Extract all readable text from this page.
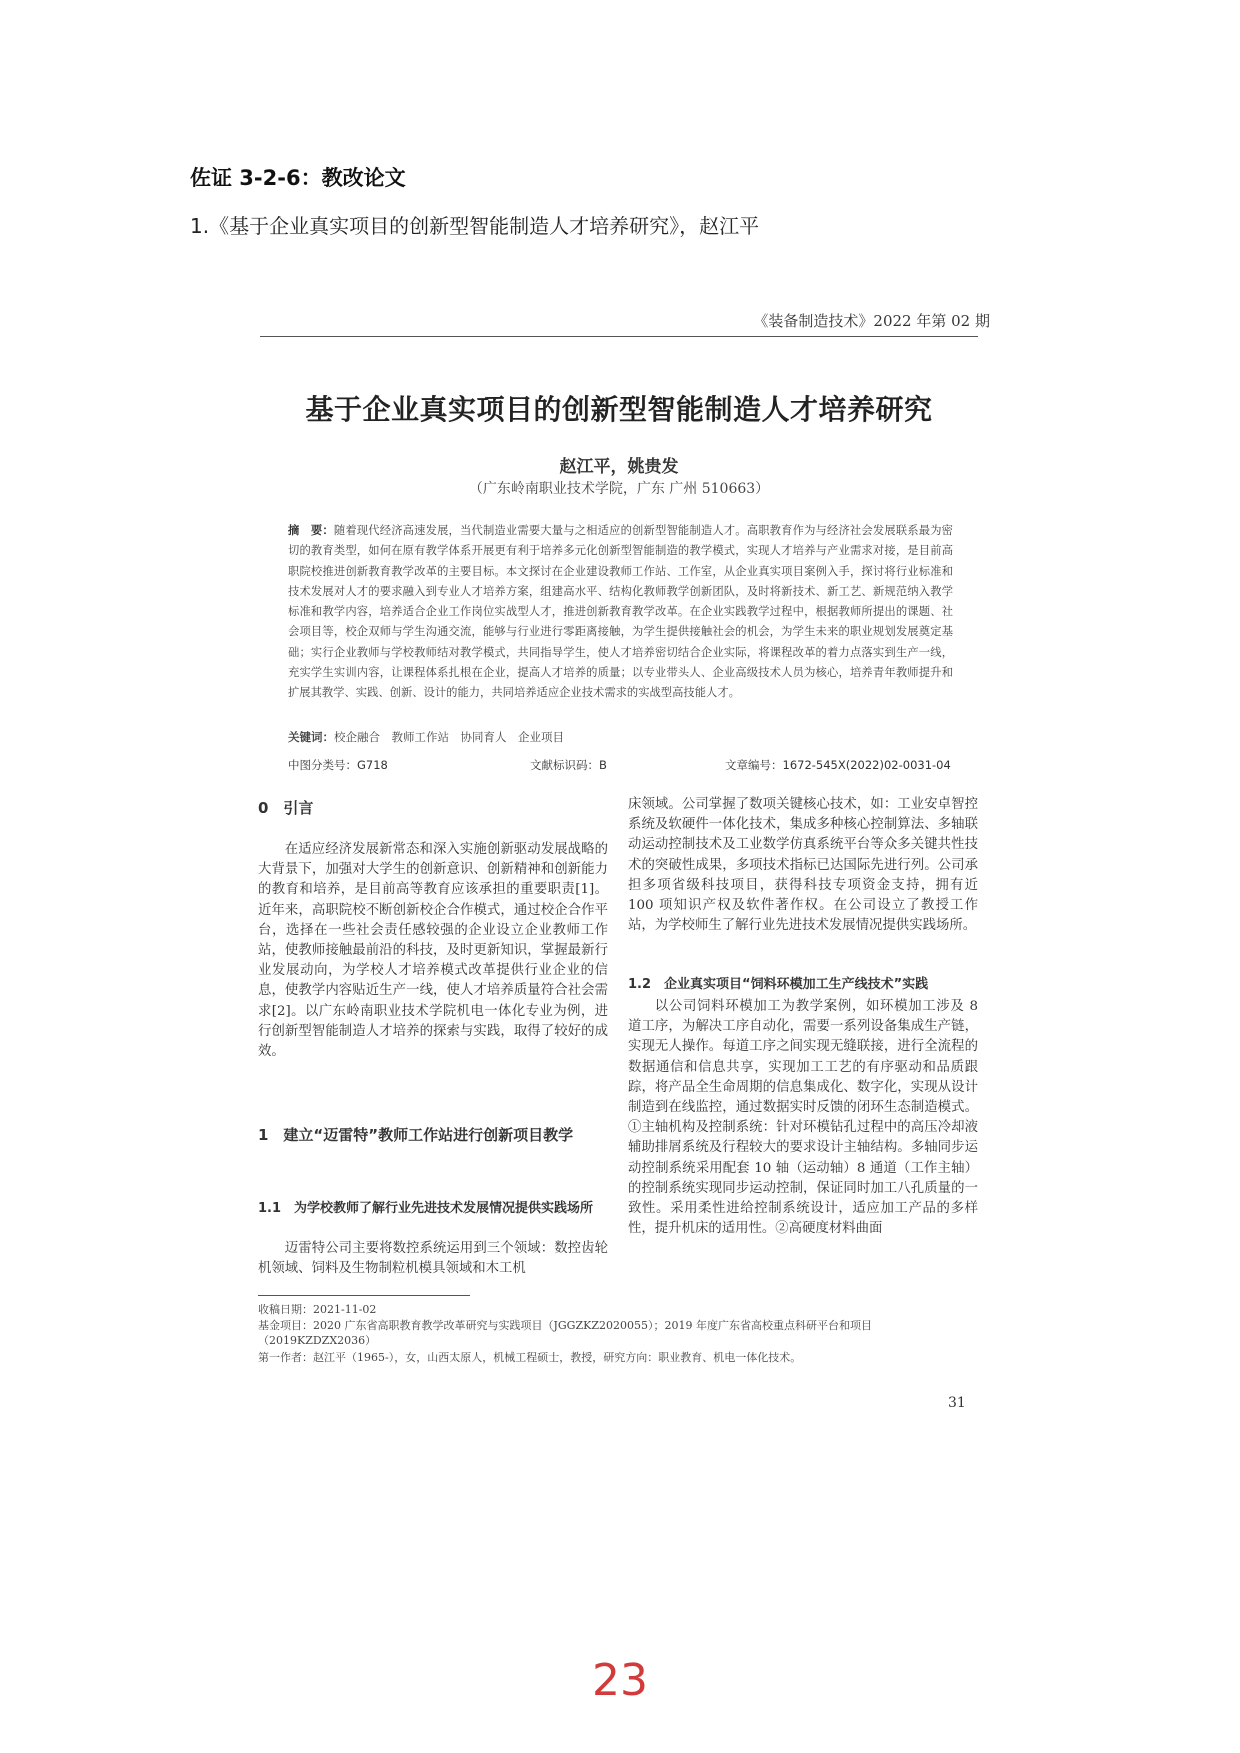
佐证 3-2-6：教改论文
1.《基于企业真实项目的创新型智能制造人才培养研究》，赵江平
《装备制造技术》2022 年第 02 期
基于企业真实项目的创新型智能制造人才培养研究
赵江平，姚贵发
（广东岭南职业技术学院，广东 广州 510663）
摘　要：随着现代经济高速发展，当代制造业需要大量与之相适应的创新型智能制造人才。高职教育作为与经济社会发展联系最为密切的教育类型，如何在原有教学体系开展更有利于培养多元化创新型智能制造的教学模式，实现人才培养与产业需求对接，是目前高职院校推进创新教育教学改革的主要目标。本文探讨在企业建设教师工作站、工作室，从企业真实项目案例入手，探讨将行业标准和技术发展对人才的要求融入到专业人才培养方案，组建高水平、结构化教师教学创新团队，及时将新技术、新工艺、新规范纳入教学标准和教学内容，培养适合企业工作岗位实战型人才，推进创新教育教学改革。在企业实践教学过程中，根据教师所提出的课题、社会项目等，校企双师与学生沟通交流，能够与行业进行零距离接触，为学生提供接触社会的机会，为学生未来的职业规划发展奠定基础；实行企业教师与学校教师结对教学模式，共同指导学生，使人才培养密切结合企业实际，将课程改革的着力点落实到生产一线，充实学生实训内容，让课程体系扎根在企业，提高人才培养的质量；以专业带头人、企业高级技术人员为核心，培养青年教师提升和扩展其教学、实践、创新、设计的能力，共同培养适应企业技术需求的实战型高技能人才。
关键词：校企融合　教师工作站　协同育人　企业项目
中图分类号：G718	文献标识码：B	文章编号：1672-545X(2022)02-0031-04
0　引言
在适应经济发展新常态和深入实施创新驱动发展战略的大背景下，加强对大学生的创新意识、创新精神和创新能力的教育和培养，是目前高等教育应该承担的重要职责[1]。近年来，高职院校不断创新校企合作模式，通过校企合作平台，选择在一些社会责任感较强的企业设立企业教师工作站，使教师接触最前沿的科技，及时更新知识，掌握最新行业发展动向，为学校人才培养模式改革提供行业企业的信息，使教学内容贴近生产一线，使人才培养质量符合社会需求[2]。以广东岭南职业技术学院机电一体化专业为例，进行创新型智能制造人才培养的探索与实践，取得了较好的成效。
1　建立“迈雷特”教师工作站进行创新项目教学
1.1　为学校教师了解行业先进技术发展情况提供实践场所
迈雷特公司主要将数控系统运用到三个领域：数控齿轮机领域、饲料及生物制粒机模具领域和木工机
床领域。公司掌握了数项关键核心技术，如：工业安卓智控系统及软硬件一体化技术，集成多种核心控制算法、多轴联动运动控制技术及工业数学仿真系统平台等众多关键共性技术的突破性成果，多项技术指标已达国际先进行列。公司承担多项省级科技项目，获得科技专项资金支持，拥有近 100 项知识产权及软件著作权。在公司设立了教授工作站，为学校师生了解行业先进技术发展情况提供实践场所。
1.2　企业真实项目“饲料环模加工生产线技术”实践
以公司饲料环模加工为教学案例，如环模加工涉及 8 道工序，为解决工序自动化，需要一系列设备集成生产链，实现无人操作。每道工序之间实现无缝联接，进行全流程的数据通信和信息共享，实现加工工艺的有序驱动和品质跟踪，将产品全生命周期的信息集成化、数字化，实现从设计制造到在线监控，通过数据实时反馈的闭环生态制造模式。①主轴机构及控制系统：针对环模钻孔过程中的高压冷却液辅助排屑系统及行程较大的要求设计主轴结构。多轴同步运动控制系统采用配套 10 轴（运动轴）8 通道（工作主轴）的控制系统实现同步运动控制，保证同时加工八孔质量的一致性。采用柔性进给控制系统设计，适应加工产品的多样性，提升机床的适用性。②高硬度材料曲面
收稿日期：2021-11-02
基金项目：2020 广东省高职教育教学改革研究与实践项目（JGGZKZ2020055）；2019 年度广东省高校重点科研平台和项目（2019KZDZX2036）
第一作者：赵江平（1965-），女，山西太原人，机械工程硕士，教授，研究方向：职业教育、机电一体化技术。
31
23
